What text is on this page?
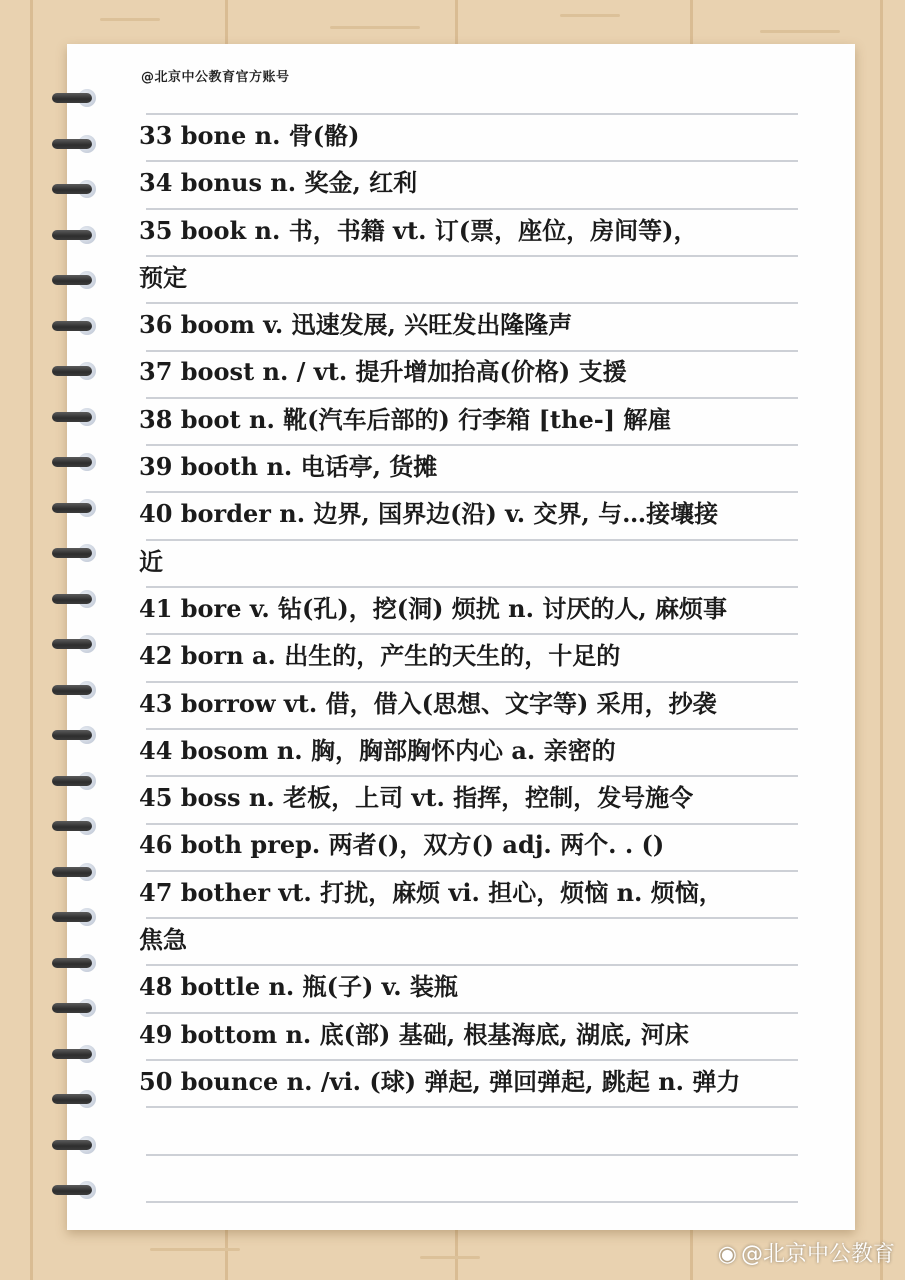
@北京中公教育官方账号
33 bone n. 骨(骼)
34 bonus n. 奖金, 红利
35 book n. 书，书籍 vt. 订(票，座位，房间等)，
预定
36 boom v. 迅速发展, 兴旺发出隆隆声
37 boost n. / vt. 提升增加抬高(价格) 支援
38 boot n. 靴(汽车后部的) 行李箱 [the-] 解雇
39 booth n. 电话亭, 货摊
40 border n. 边界, 国界边(沿) v. 交界, 与…接壤接
近
41 bore v. 钻(孔)，挖(洞) 烦扰 n. 讨厌的人, 麻烦事
42 born a. 出生的，产生的天生的，十足的
43 borrow vt. 借，借入(思想、文字等) 采用，抄袭
44 bosom n. 胸，胸部胸怀内心 a. 亲密的
45 boss n. 老板，上司 vt. 指挥，控制，发号施令
46 both prep. 两者()，双方() adj. 两个. . ()
47 bother vt. 打扰，麻烦 vi. 担心，烦恼 n. 烦恼，
焦急
48 bottle n. 瓶(子) v. 装瓶
49 bottom n. 底(部) 基础, 根基海底, 湖底, 河床
50 bounce n. /vi. (球) 弹起, 弹回弹起, 跳起 n. 弹力
◉ @北京中公教育
